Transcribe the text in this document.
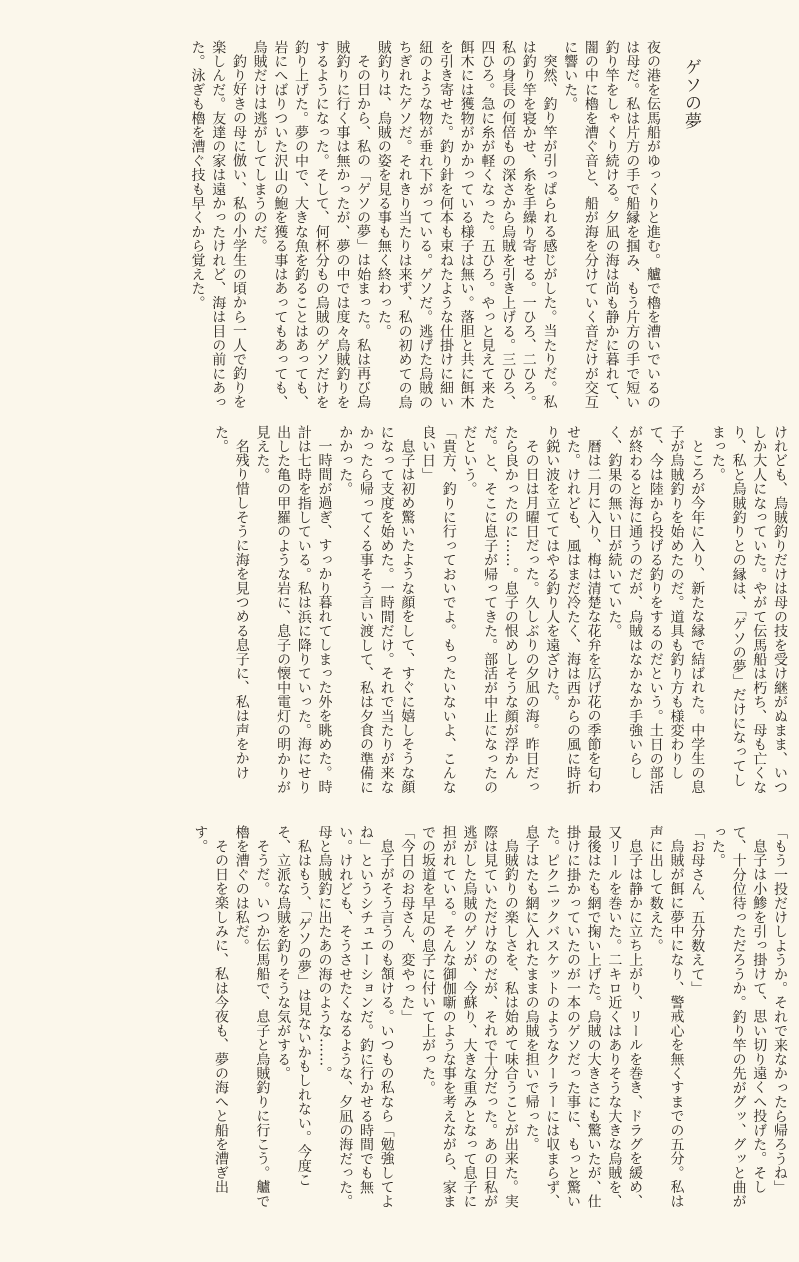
ゲソの夢

夜の港を伝馬船がゆっくりと進む。艫で櫓を漕いでいるのは母だ。私は片方の手で船縁を掴み、もう片方の手で短い釣り竿をしゃくり続ける。夕凪の海は尚も静かに暮れて、闇の中に櫓を漕ぐ音と、船が海を分けていく音だけが交互に響いた。

突然、釣り竿が引っぱられる感じがした。当たりだ。私は釣り竿を寝かせ、糸を手繰り寄せる。一ひろ、二ひろ。私の身長の何倍もの深さから烏賊を引き上げる。三ひろ、四ひろ。急に糸が軽くなった。五ひろ。やっと見えて来た餌木には獲物がかかっている様子は無い。落胆と共に餌木を引き寄せた。釣り針を何本も束ねたような仕掛けに細い紐のような物が垂れ下がっている。ゲソだ。逃げた烏賊のちぎれたゲソだ。それきり当たりは来ず、私の初めての烏賊釣りは、烏賊の姿を見る事も無く終わった。

その日から、私の「ゲソの夢」は始まった。私は再び烏賊釣りに行く事は無かったが、夢の中では度々烏賊釣りをするようになった。そして、何杯分もの烏賊のゲソだけを釣り上げた。夢の中で、大きな魚を釣ることはあっても、岩にへばりついた沢山の鮑を獲る事はあってもあっても、烏賊だけは逃がしてしまうのだ。

釣り好きの母に倣い、私の小学生の頃から一人で釣りを楽しんだ。友達の家は遠かったけれど、海は目の前にあった。泳ぎも櫓を漕ぐ技も早くから覚えた。

けれども、烏賊釣りだけは母の技を受け継がぬまま、いつしか大人になっていた。やがて伝馬船は朽ち、母も亡くなり、私と烏賊釣りとの縁は、「ゲソの夢」だけになってしまった。

ところが今年に入り、新たな縁で結ばれた。中学生の息子が烏賊釣りを始めたのだ。道具も釣り方も様変わりして、今は陸から投げる釣りをするのだという。土日の部活が終わると海に通うのだが、烏賊はなかなか手強いらしく、釣果の無い日が続いていた。

暦は二月に入り、梅は清楚な花弁を広げ花の季節を匂わせた。けれども、風はまだ冷たく、海は西からの風に時折り鋭い波を立ててはやる釣り人を遠ざけた。

その日は月曜日だった。久しぶりの夕凪の海。昨日だったら良かったのに……。息子の恨めしそうな顔が浮かんだ。と、そこに息子が帰ってきた。部活が中止になったのだという。

「貴方、釣りに行っておいでよ。もったいないよ、こんな良い日」

息子は初め驚いたような顔をして、すぐに嬉しそうな顔になって支度を始めた。一時間だけ。それで当たりが来なかったら帰ってくる事そう言い渡して、私は夕食の準備にかかった。

一時間が過ぎ、すっかり暮れてしまった外を眺めた。時計は七時を指している。私は浜に降りていった。海にせり出した亀の甲羅のような岩に、息子の懐中電灯の明かりが見えた。

名残り惜しそうに海を見つめる息子に、私は声をかけた。

「もう一投だけしようか。それで来なかったら帰ろうね」

息子は小鯵を引っ掛けて、思い切り遠くへ投げた。そして、十分位待っただろうか。釣り竿の先がグッ、グッと曲がった。

「お母さん、五分数えて」

烏賊が餌に夢中になり、警戒心を無くすまでの五分。私は声に出して数えた。

息子は静かに立ち上がり、リールを巻き、ドラグを緩め、又リールを巻いた。二キロ近くはありそうな大きな烏賊を、最後はたも網で掬い上げた。烏賊の大きさにも驚いたが、仕掛けに掛かっていたのが一本のゲソだった事に、もっと驚いた。ピクニックバスケットのようなクーラーには収まらず、息子はたも網に入れたままの烏賊を担いで帰った。

烏賊釣りの楽しさを、私は始めて味合うことが出来た。実際は見ていただけなのだが、それで十分だった。あの日私が逃がした烏賊のゲソが、今蘇り、大きな重みとなって息子に担がれている。そんな御伽噺のような事を考えながら、家までの坂道を早足の息子に付いて上がった。

「今日のお母さん、変やった」

息子がそう言うのも頷ける。いつもの私なら「勉強してよね」というシチュエーションだ。釣に行かせる時間でも無い。けれども、そうさせたくなるような、夕凪の海だった。母と烏賊釣に出たあの海のような……。

私はもう、「ゲソの夢」は見ないかもしれない。今度こそ、立派な烏賊を釣りそうな気がする。

そうだ。いつか伝馬船で、息子と烏賊釣りに行こう。艫で櫓を漕ぐのは私だ。

その日を楽しみに、私は今夜も、夢の海へと船を漕ぎ出す。
